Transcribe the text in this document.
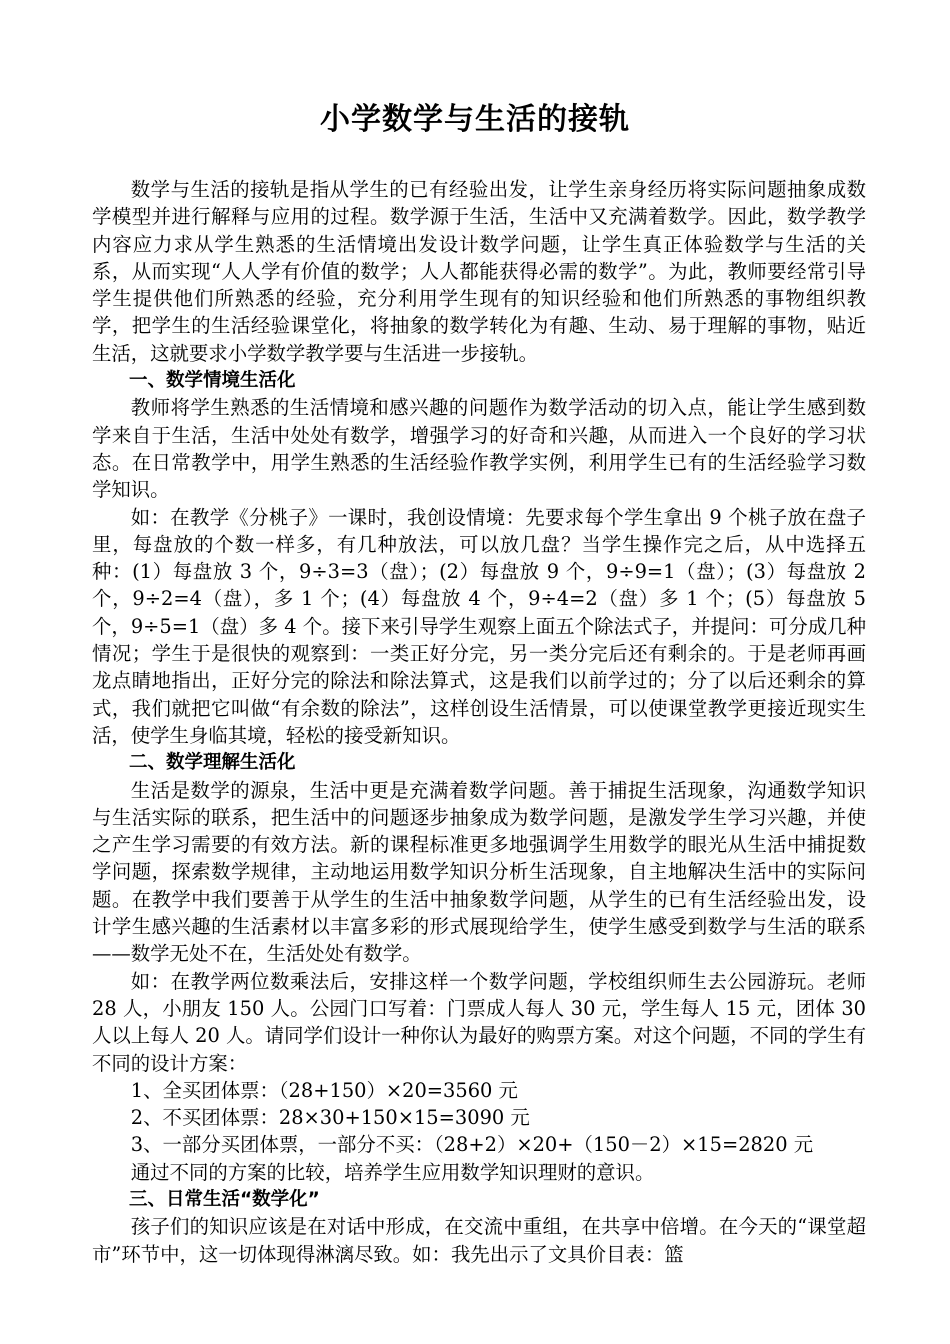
小学数学与生活的接轨

数学与生活的接轨是指从学生的已有经验出发，让学生亲身经历将实际问题抽象成数学模型并进行解释与应用的过程。数学源于生活，生活中又充满着数学。因此，数学教学内容应力求从学生熟悉的生活情境出发设计数学问题，让学生真正体验数学与生活的关系，从而实现“人人学有价值的数学；人人都能获得必需的数学”。为此，教师要经常引导学生提供他们所熟悉的经验，充分利用学生现有的知识经验和他们所熟悉的事物组织教学，把学生的生活经验课堂化，将抽象的数学转化为有趣、生动、易于理解的事物，贴近生活，这就要求小学数学教学要与生活进一步接轨。

一、数学情境生活化

教师将学生熟悉的生活情境和感兴趣的问题作为数学活动的切入点，能让学生感到数学来自于生活，生活中处处有数学，增强学习的好奇和兴趣，从而进入一个良好的学习状态。在日常教学中，用学生熟悉的生活经验作教学实例，利用学生已有的生活经验学习数学知识。

如：在教学《分桃子》一课时，我创设情境：先要求每个学生拿出 9 个桃子放在盘子里，每盘放的个数一样多，有几种放法，可以放几盘？当学生操作完之后，从中选择五种：(1）每盘放 3 个，9÷3=3（盘）；(2）每盘放 9 个，9÷9=1（盘）；(3）每盘放 2 个，9÷2=4（盘），多 1 个；(4）每盘放 4 个，9÷4=2（盘）多 1 个；(5）每盘放 5 个，9÷5=1（盘）多 4 个。接下来引导学生观察上面五个除法式子，并提问：可分成几种情况；学生于是很快的观察到：一类正好分完，另一类分完后还有剩余的。于是老师再画龙点睛地指出，正好分完的除法和除法算式，这是我们以前学过的；分了以后还剩余的算式，我们就把它叫做“有余数的除法”，这样创设生活情景，可以使课堂教学更接近现实生活，使学生身临其境，轻松的接受新知识。

二、数学理解生活化

生活是数学的源泉，生活中更是充满着数学问题。善于捕捉生活现象，沟通数学知识与生活实际的联系，把生活中的问题逐步抽象成为数学问题，是激发学生学习兴趣，并使之产生学习需要的有效方法。新的课程标准更多地强调学生用数学的眼光从生活中捕捉数学问题，探索数学规律，主动地运用数学知识分析生活现象，自主地解决生活中的实际问题。在教学中我们要善于从学生的生活中抽象数学问题，从学生的已有生活经验出发，设计学生感兴趣的生活素材以丰富多彩的形式展现给学生，使学生感受到数学与生活的联系——数学无处不在，生活处处有数学。

如：在教学两位数乘法后，安排这样一个数学问题，学校组织师生去公园游玩。老师 28 人，小朋友 150 人。公园门口写着：门票成人每人 30 元，学生每人 15 元，团体 30 人以上每人 20 人。请同学们设计一种你认为最好的购票方案。对这个问题，不同的学生有不同的设计方案：

1、全买团体票：（28+150）×20=3560 元

2、不买团体票：28×30+150×15=3090 元

3、一部分买团体票，一部分不买：（28+2）×20+（150－2）×15=2820 元

通过不同的方案的比较，培养学生应用数学知识理财的意识。

三、日常生活“数学化”

孩子们的知识应该是在对话中形成，在交流中重组，在共享中倍增。在今天的“课堂超市”环节中，这一切体现得淋漓尽致。如：我先出示了文具价目表：篮
